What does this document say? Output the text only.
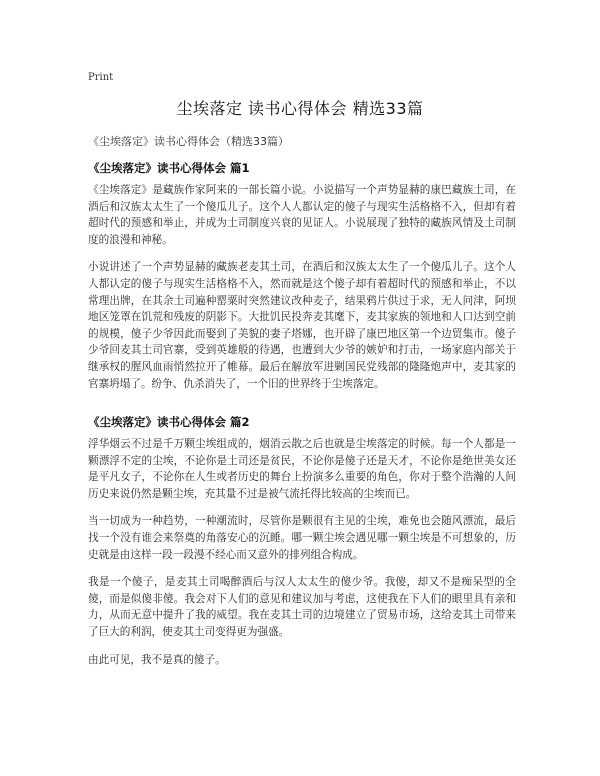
Print
尘埃落定 读书心得体会 精选33篇
《尘埃落定》读书心得体会（精选33篇）
《尘埃落定》读书心得体会 篇1

《尘埃落定》是藏族作家阿来的一部长篇小说。小说描写一个声势显赫的康巴藏族土司，在酒后和汉族太太生了一个傻瓜儿子。这个人人都认定的傻子与现实生活格格不入，但却有着超时代的预感和举止，并成为土司制度兴衰的见证人。小说展现了独特的藏族风情及土司制度的浪漫和神秘。

小说讲述了一个声势显赫的藏族老麦其土司，在酒后和汉族太太生了一个傻瓜儿子。这个人人都认定的傻子与现实生活格格不入，然而就是这个傻子却有着超时代的预感和举止，不以常理出牌，在其余土司遍种罂粟时突然建议改种麦子，结果鸦片供过于求，无人问津，阿坝地区笼罩在饥荒和残废的阴影下。大批饥民投奔麦其麾下，麦其家族的领地和人口达到空前的规模，傻子少爷因此而娶到了美貌的妻子塔娜，也开辟了康巴地区第一个边贸集市。傻子少爷回麦其土司官寨，受到英雄般的待遇，也遭到大少爷的嫉妒和打击，一场家庭内部关于继承权的腥风血雨悄然拉开了帷幕。最后在解放军进剿国民党残部的隆隆炮声中，麦其家的官寨坍塌了。纷争、仇杀消失了，一个旧的世界终于尘埃落定。

《尘埃落定》读书心得体会 篇2

浮华烟云不过是千万颗尘埃组成的，烟消云散之后也就是尘埃落定的时候。每一个人都是一颗漂浮不定的尘埃，不论你是土司还是贫民，不论你是傻子还是天才，不论你是绝世美女还是平凡女子，不论你在人生或者历史的舞台上扮演多么重要的角色，你对于整个浩瀚的人间历史来说仍然是颗尘埃，充其量不过是被气流托得比较高的尘埃而已。

当一切成为一种趋势，一种潮流时，尽管你是颗很有主见的尘埃，难免也会随风漂流，最后找一个没有谁会来祭奠的角落安心的沉睡。哪一颗尘埃会遇见哪一颗尘埃是不可想象的，历史就是由这样一段一段漫不经心而又意外的排列组合构成。

我是一个傻子，是麦其土司喝醉酒后与汉人太太生的傻少爷。我傻，却又不是痴呆型的全傻，而是似傻非傻。我会对下人们的意见和建议加与考虑，这使我在下人们的眼里具有亲和力，从而无意中提升了我的威望。我在麦其土司的边境建立了贸易市场，这给麦其土司带来了巨大的利润，使麦其土司变得更为强盛。

由此可见，我不是真的傻子。
